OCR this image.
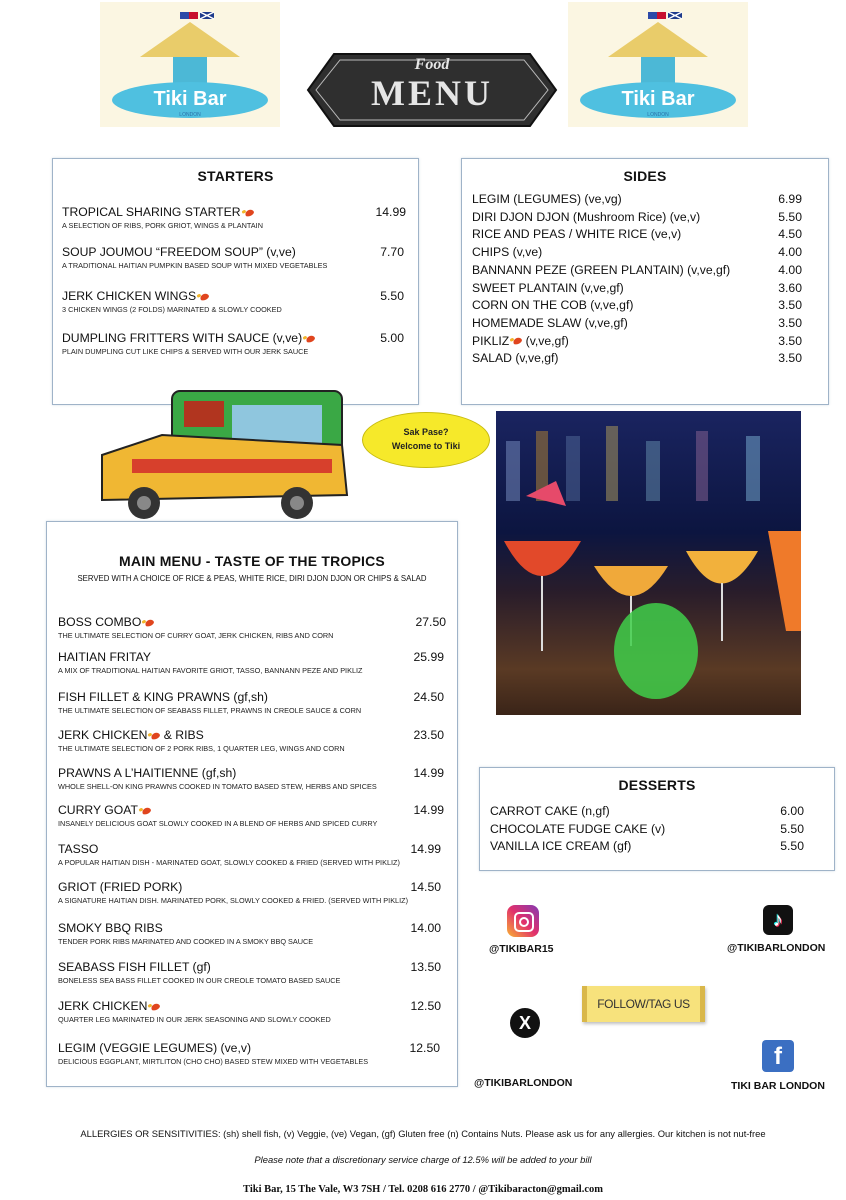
Tiki Bar
LONDON
Food
MENU	Tiki Bar
LONDON
STARTERS
TROPICAL SHARING STARTER
A SELECTION OF RIBS, PORK GRIOT, WINGS & PLANTAIN
14.99
SOUP JOUMOU “FREEDOM SOUP” (v,ve)
A TRADITIONAL HAITIAN PUMPKIN BASED SOUP WITH MIXED VEGETABLES
7.70
JERK CHICKEN WINGS
3 CHICKEN WINGS (2 FOLDS) MARINATED & SLOWLY COOKED
5.50
DUMPLING FRITTERS WITH SAUCE (v,ve)
PLAIN DUMPLING CUT LIKE CHIPS & SERVED WITH OUR JERK SAUCE
5.00
SIDES
LEGIM (LEGUMES) (ve,vg)	6.99
DIRI DJON DJON (Mushroom Rice) (ve,v)	5.50
RICE AND PEAS / WHITE RICE (ve,v)	4.50
CHIPS (v,ve)	4.00
BANNANN PEZE (GREEN PLANTAIN) (v,ve,gf)	4.00
SWEET PLANTAIN (v,ve,gf)	3.60
CORN ON THE COB (v,ve,gf)	3.50
HOMEMADE SLAW (v,ve,gf)	3.50
PIKLIZ (v,ve,gf)	3.50
SALAD (v,ve,gf)	3.50
Sak Pase?
Welcome to Tiki
MAIN MENU - TASTE OF THE TROPICS
SERVED WITH A CHOICE OF RICE & PEAS, WHITE RICE, DIRI DJON DJON OR CHIPS & SALAD
BOSS COMBO
THE ULTIMATE SELECTION OF CURRY GOAT, JERK CHICKEN, RIBS AND CORN
27.50
HAITIAN FRITAY
A MIX OF TRADITIONAL HAITIAN FAVORITE GRIOT, TASSO, BANNANN PEZE AND PIKLIZ
25.99
FISH FILLET & KING PRAWNS (gf,sh)
THE ULTIMATE SELECTION OF SEABASS FILLET, PRAWNS IN CREOLE SAUCE & CORN
24.50
JERK CHICKEN & RIBS
THE ULTIMATE SELECTION OF 2 PORK RIBS, 1 QUARTER LEG, WINGS AND CORN
23.50
PRAWNS A L’HAITIENNE (gf,sh)
WHOLE SHELL-ON KING PRAWNS COOKED IN TOMATO BASED STEW, HERBS AND SPICES
14.99
CURRY GOAT
INSANELY DELICIOUS GOAT SLOWLY COOKED IN A BLEND OF HERBS AND SPICED CURRY
14.99
TASSO
A POPULAR HAITIAN DISH - MARINATED GOAT, SLOWLY COOKED & FRIED (SERVED WITH PIKLIZ)
14.99
GRIOT (FRIED PORK)
A SIGNATURE HAITIAN DISH. MARINATED PORK, SLOWLY COOKED & FRIED. (SERVED WITH PIKLIZ)
14.50
SMOKY BBQ RIBS
TENDER PORK RIBS MARINATED AND COOKED IN A SMOKY BBQ SAUCE
14.00
SEABASS FISH FILLET (gf)
BONELESS SEA BASS FILLET COOKED IN OUR CREOLE TOMATO BASED SAUCE
13.50
JERK CHICKEN
QUARTER LEG MARINATED IN OUR JERK SEASONING AND SLOWLY COOKED
12.50
LEGIM (VEGGIE LEGUMES) (ve,v)
DELICIOUS EGGPLANT, MIRTLITON (CHO CHO) BASED STEW MIXED WITH VEGETABLES
12.50
DESSERTS
CARROT CAKE (n,gf)	6.00
CHOCOLATE FUDGE CAKE (v)	5.50
VANILLA ICE CREAM (gf)	5.50
@TIKIBAR15
♪
@TIKIBARLONDON
FOLLOW/TAG US
X
@TIKIBARLONDON
f
TIKI BAR LONDON
ALLERGIES OR SENSITIVITIES: (sh) shell fish, (v) Veggie, (ve) Vegan, (gf) Gluten free (n) Contains Nuts. Please ask us for any allergies. Our kitchen is not nut-free
Please note that a discretionary service charge of 12.5% will be added to your bill
Tiki Bar, 15 The Vale, W3 7SH / Tel. 0208 616 2770 / @Tikibaracton@gmail.com
